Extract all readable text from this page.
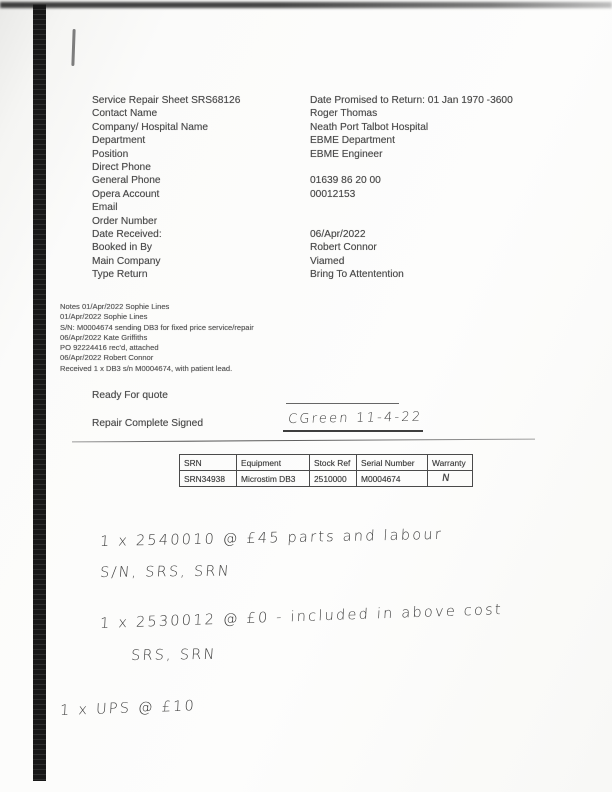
Service Repair Sheet SRS68126	Date Promised to Return: 01 Jan 1970 -3600
Contact Name	Roger Thomas
Company/ Hospital Name	Neath Port Talbot Hospital
Department	EBME Department
Position	EBME Engineer
Direct Phone
General Phone	01639 86 20 00
Opera Account	00012153
Email
Order Number
Date Received:	06/Apr/2022
Booked in By	Robert Connor
Main Company	Viamed
Type Return	Bring To Attentention
Notes 01/Apr/2022 Sophie Lines
01/Apr/2022 Sophie Lines
S/N: M0004674 sending DB3 for fixed price service/repair
06/Apr/2022 Kate Griffiths
PO 92224416 rec'd, attached
06/Apr/2022 Robert Connor
Received 1 x DB3 s/n M0004674, with patient lead.
Ready For quote
Repair Complete Signed	CGreen 11-4-22
SRN	Equipment	Stock Ref	Serial Number	Warranty
SRN34938	Microstim DB3	2510000	M0004674	N
1 x 2540010 @ £45 parts and labour
S/N, SRS, SRN
1 x 2530012 @ £0 - included in above cost
SRS, SRN
1 x UPS @ £10
